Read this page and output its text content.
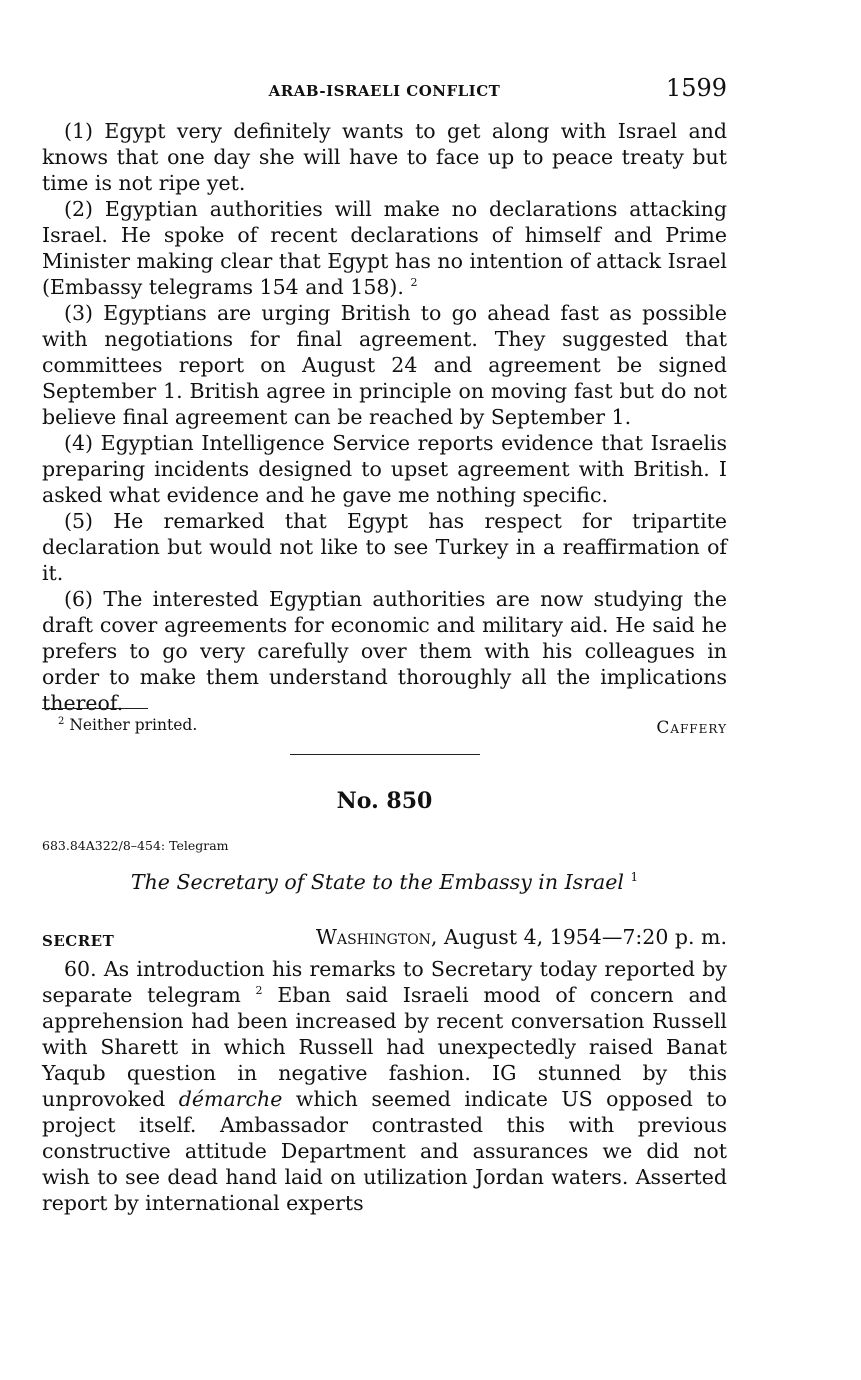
ARAB-ISRAELI CONFLICT	1599

(1) Egypt very definitely wants to get along with Israel and knows that one day she will have to face up to peace treaty but time is not ripe yet.

(2) Egyptian authorities will make no declarations attacking Israel. He spoke of recent declarations of himself and Prime Minister making clear that Egypt has no intention of attack Israel (Embassy telegrams 154 and 158). $^2$

(3) Egyptians are urging British to go ahead fast as possible with negotiations for final agreement. They suggested that committees report on August 24 and agreement be signed September 1. British agree in principle on moving fast but do not believe final agreement can be reached by September 1.

(4) Egyptian Intelligence Service reports evidence that Israelis preparing incidents designed to upset agreement with British. I asked what evidence and he gave me nothing specific.

(5) He remarked that Egypt has respect for tripartite declaration but would not like to see Turkey in a reaffirmation of it.

(6) The interested Egyptian authorities are now studying the draft cover agreements for economic and military aid. He said he prefers to go very carefully over them with his colleagues in order to make them understand thoroughly all the implications thereof.

Caffery
$^2$ Neither printed.
No. 850
683.84A322/8–454: Telegram
The Secretary of State to the Embassy in Israel $^1$
SECRET	Washington, August 4, 1954—7:20 p. m.

60. As introduction his remarks to Secretary today reported by separate telegram $^2$ Eban said Israeli mood of concern and apprehension had been increased by recent conversation Russell with Sharett in which Russell had unexpectedly raised Banat Yaqub question in negative fashion. IG stunned by this unprovoked démarche which seemed indicate US opposed to project itself. Ambassador contrasted this with previous constructive attitude Department and assurances we did not wish to see dead hand laid on utilization Jordan waters. Asserted report by international experts
